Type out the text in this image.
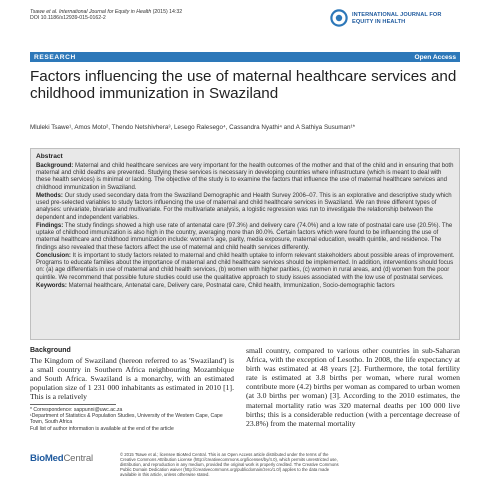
Tsawe et al. International Journal for Equity in Health (2015) 14:32
DOI 10.1186/s12939-015-0162-2
INTERNATIONAL JOURNAL FOR
EQUITY IN HEALTH
RESEARCH	Open Access
Factors influencing the use of maternal healthcare services and childhood immunization in Swaziland
Mluleki Tsawe¹, Amos Moto², Thendo Netshivhera³, Lesego Ralesego⁴, Cassandra Nyathi⁴ and A Sathiya Susuman¹*
Abstract

Background: Maternal and child healthcare services are very important for the health outcomes of the mother and that of the child and in ensuring that both maternal and child deaths are prevented. Studying these services is necessary in developing countries where infrastructure (which is meant to deal with these health services) is minimal or lacking. The objective of the study is to examine the factors that influence the use of maternal healthcare services and childhood immunization in Swaziland.

Methods: Our study used secondary data from the Swaziland Demographic and Health Survey 2006–07. This is an explorative and descriptive study which used pre-selected variables to study factors influencing the use of maternal and child healthcare services in Swaziland. We ran three different types of analyses: univariate, bivariate and multivariate. For the multivariate analysis, a logistic regression was run to investigate the relationship between the dependent and independent variables.

Findings: The study findings showed a high use rate of antenatal care (97.3%) and delivery care (74.0%) and a low rate of postnatal care use (20.5%). The uptake of childhood immunization is also high in the country, averaging more than 80.0%. Certain factors which were found to be influencing the use of maternal healthcare and childhood immunization include: woman's age, parity, media exposure, maternal education, wealth quintile, and residence. The findings also revealed that these factors affect the use of maternal and child health services differently.

Conclusion: It is important to study factors related to maternal and child health uptake to inform relevant stakeholders about possible areas of improvement. Programs to educate families about the importance of maternal and child healthcare services should be implemented. In addition, interventions should focus on: (a) age differentials in use of maternal and child health services, (b) women with higher parities, (c) women in rural areas, and (d) women from the poor quintile. We recommend that possible future studies could use the qualitative approach to study issues associated with the low use of postnatal services.

Keywords: Maternal healthcare, Antenatal care, Delivery care, Postnatal care, Child health, Immunization, Socio-demographic factors

Background
The Kingdom of Swaziland (hereon referred to as 'Swaziland') is a small country in Southern Africa neighbouring Mozambique and South Africa. Swaziland is a monarchy, with an estimated population size of 1 231 000 inhabitants as estimated in 2010 [1]. This is a relatively
small country, compared to various other countries in sub-Saharan Africa, with the exception of Lesotho. In 2008, the life expectancy at birth was estimated at 48 years [2]. Furthermore, the total fertility rate is estimated at 3.8 births per woman, where rural women contribute more (4.2) births per woman as compared to urban women (at 3.0 births per woman) [3]. According to the 2010 estimates, the maternal mortality ratio was 320 maternal deaths per 100 000 live births; this is a considerable reduction (with a percentage decrease of 23.8%) from the maternal mortality
* Correspondence: sappunni@uwc.ac.za
¹Department of Statistics & Population Studies, University of the Western Cape, Cape Town, South Africa
Full list of author information is available at the end of the article
BioMedCentral	© 2015 Tsawe et al.; licensee BioMed Central. This is an Open Access article distributed under the terms of the Creative Commons Attribution License (http://creativecommons.org/licenses/by/4.0), which permits unrestricted use, distribution, and reproduction in any medium, provided the original work is properly credited. The Creative Commons Public Domain Dedication waiver (http://creativecommons.org/publicdomain/zero/1.0/) applies to the data made available in this article, unless otherwise stated.
